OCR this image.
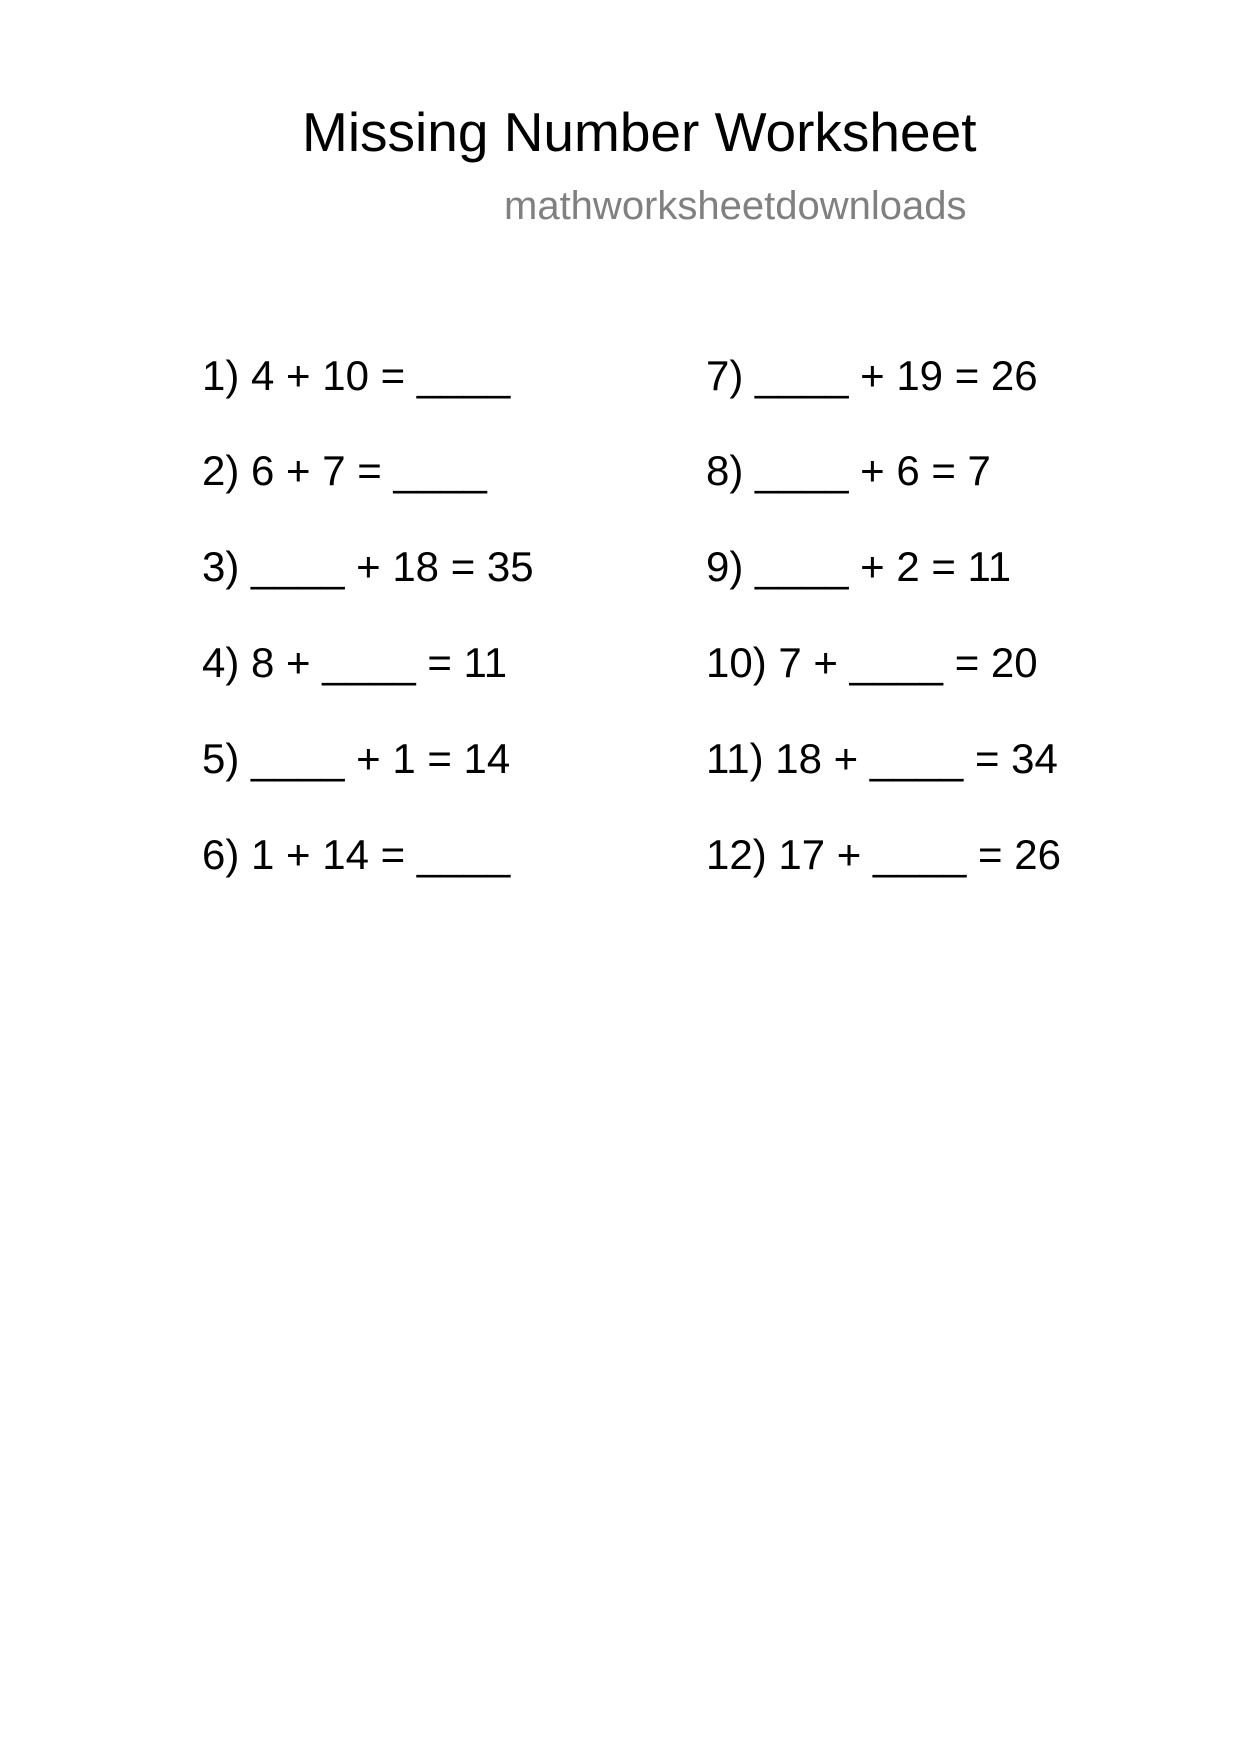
Missing Number Worksheet
mathworksheetdownloads
1) 4 + 10 = ____
2) 6 + 7 = ____
3) ____ + 18 = 35
4) 8 + ____ = 11
5) ____ + 1 = 14
6) 1 + 14 = ____
7) ____ + 19 = 26
8) ____ + 6 = 7
9) ____ + 2 = 11
10) 7 + ____ = 20
11) 18 + ____ = 34
12) 17 + ____ = 26
